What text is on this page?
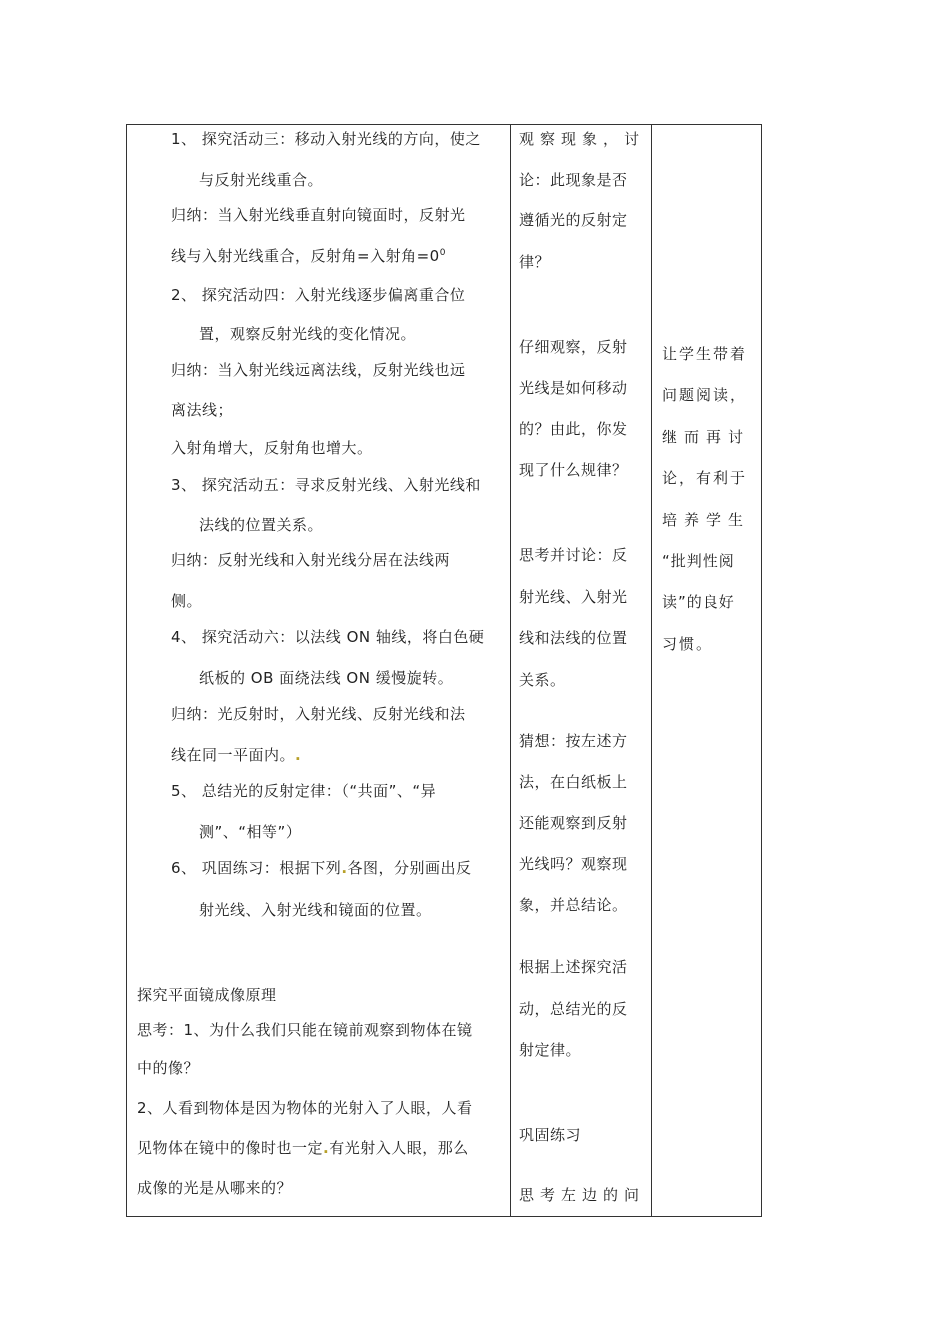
1、 探究活动三：移动入射光线的方向，使之
与反射光线重合。
归纳：当入射光线垂直射向镜面时，反射光
线与入射光线重合，反射角=入射角$=0^0$
2、 探究活动四：入射光线逐步偏离重合位
置，观察反射光线的变化情况。
归纳：当入射光线远离法线，反射光线也远
离法线；
入射角增大，反射角也增大。
3、 探究活动五：寻求反射光线、入射光线和
法线的位置关系。
归纳：反射光线和入射光线分居在法线两
侧。
4、 探究活动六：以法线 ON 轴线，将白色硬
纸板的 OB 面绕法线 ON 缓慢旋转。
归纳：光反射时，入射光线、反射光线和法
线在同一平面内。.
5、 总结光的反射定律：（“共面”、“异
测”、“相等”）
6、 巩固练习：根据下列.各图，分别画出反
射光线、入射光线和镜面的位置。
探究平面镜成像原理
思考：1、为什么我们只能在镜前观察到物体在镜
中的像？
2、人看到物体是因为物体的光射入了人眼，人看
见物体在镜中的像时也一定.有光射入人眼，那么
成像的光是从哪来的？
观察现象，讨
论：此现象是否
遵循光的反射定
律？
仔细观察，反射
光线是如何移动
的？由此，你发
现了什么规律？
思考并讨论：反
射光线、入射光
线和法线的位置
关系。
猜想：按左述方
法，在白纸板上
还能观察到反射
光线吗？观察现
象，并总结论。
根据上述探究活
动，总结光的反
射定律。
巩固练习
思考左边的问
让学生带着
问题阅读，
继而再讨
论，有利于
培养学生
“批判性阅
读”的良好
习惯。
